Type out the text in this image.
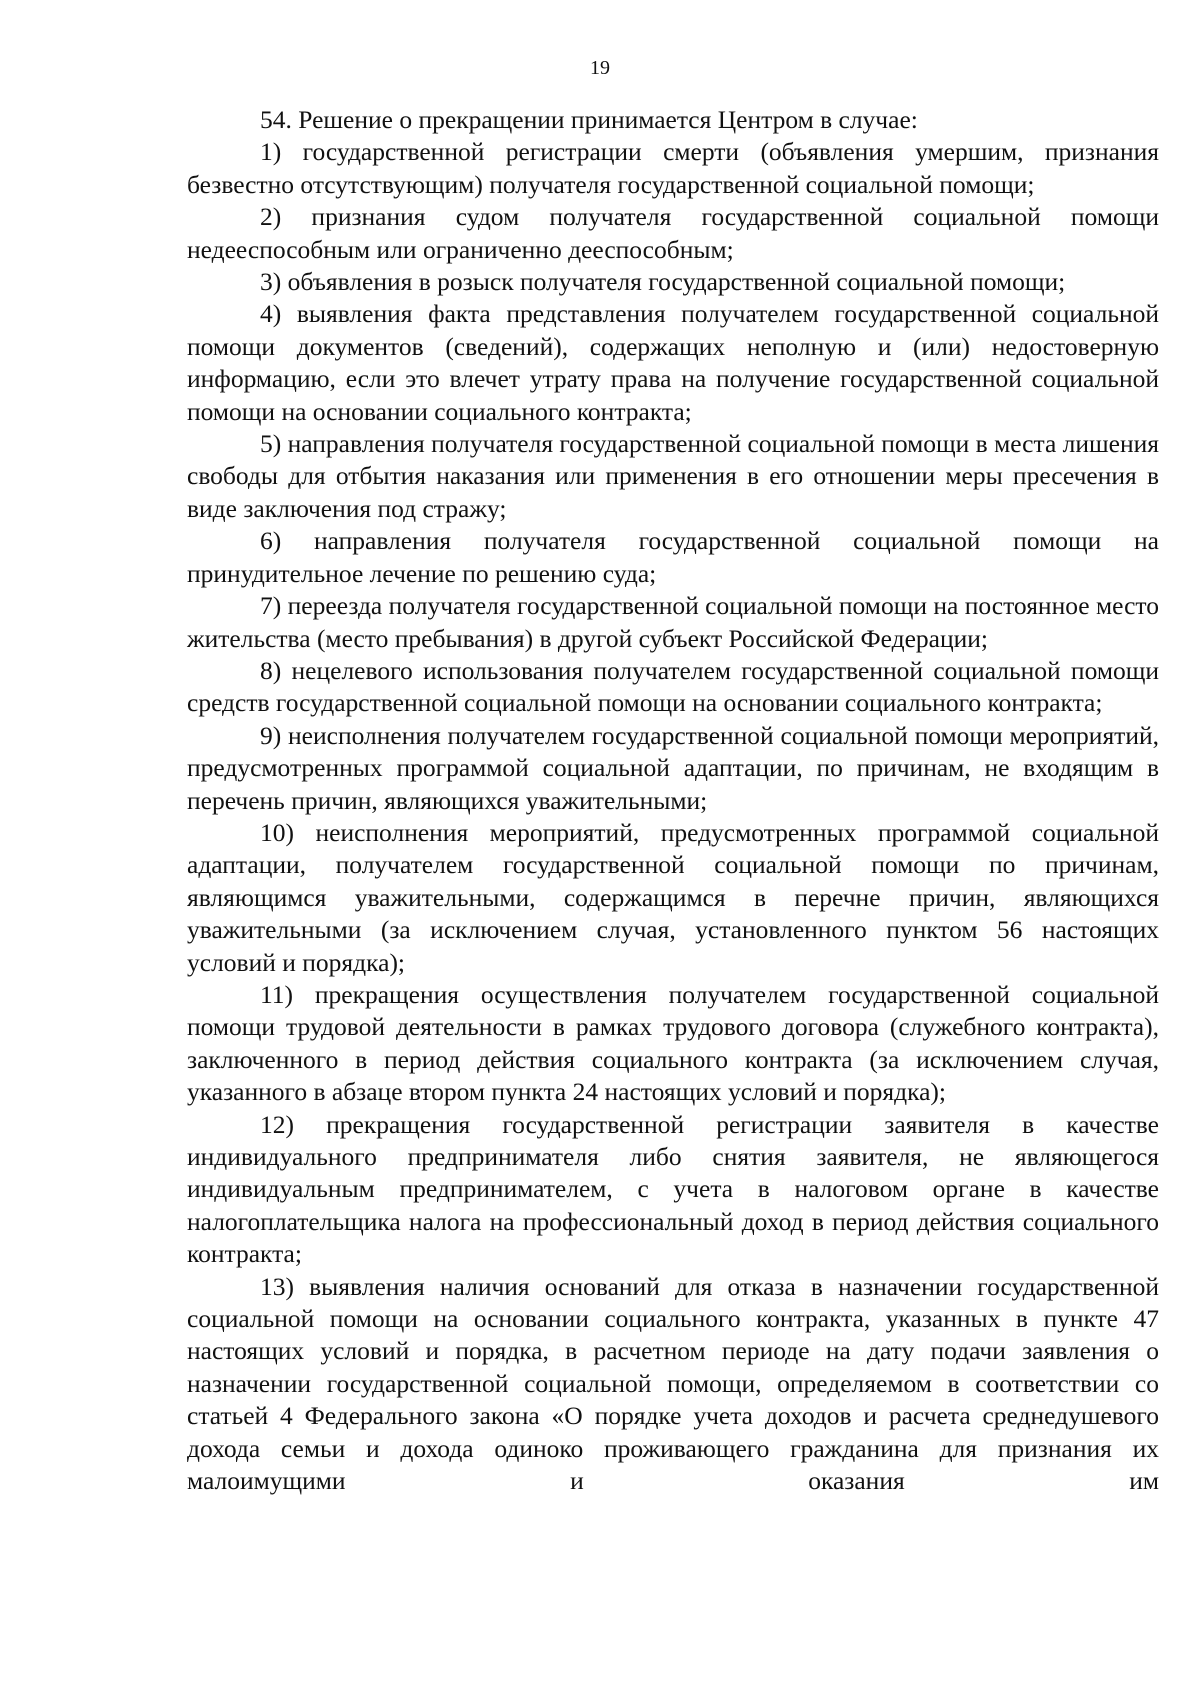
19

54. Решение о прекращении принимается Центром в случае:

1) государственной регистрации смерти (объявления умершим, признания безвестно отсутствующим) получателя государственной социальной помощи;

2) признания судом получателя государственной социальной помощи недееспособным или ограниченно дееспособным;

3) объявления в розыск получателя государственной социальной помощи;

4) выявления факта представления получателем государственной социальной помощи документов (сведений), содержащих неполную и (или) недостоверную информацию, если это влечет утрату права на получение государственной социальной помощи на основании социального контракта;

5) направления получателя государственной социальной помощи в места лишения свободы для отбытия наказания или применения в его отношении меры пресечения в виде заключения под стражу;

6) направления получателя государственной социальной помощи на принудительное лечение по решению суда;

7) переезда получателя государственной социальной помощи на постоянное место жительства (место пребывания) в другой субъект Российской Федерации;

8) нецелевого использования получателем государственной социальной помощи средств государственной социальной помощи на основании социального контракта;

9) неисполнения получателем государственной социальной помощи мероприятий, предусмотренных программой социальной адаптации, по причинам, не входящим в перечень причин, являющихся уважительными;

10) неисполнения мероприятий, предусмотренных программой социальной адаптации, получателем государственной социальной помощи по причинам, являющимся уважительными, содержащимся в перечне причин, являющихся уважительными (за исключением случая, установленного пунктом 56 настоящих условий и порядка);

11) прекращения осуществления получателем государственной социальной помощи трудовой деятельности в рамках трудового договора (служебного контракта), заключенного в период действия социального контракта (за исключением случая, указанного в абзаце втором пункта 24 настоящих условий и порядка);

12) прекращения государственной регистрации заявителя в качестве индивидуального предпринимателя либо снятия заявителя, не являющегося индивидуальным предпринимателем, с учета в налоговом органе в качестве налогоплательщика налога на профессиональный доход в период действия социального контракта;

13) выявления наличия оснований для отказа в назначении государственной социальной помощи на основании социального контракта, указанных в пункте 47 настоящих условий и порядка, в расчетном периоде на дату подачи заявления о назначении государственной социальной помощи, определяемом в соответствии со статьей 4 Федерального закона «О порядке учета доходов и расчета среднедушевого дохода семьи и дохода одиноко проживающего гражданина для признания их малоимущими и оказания им
